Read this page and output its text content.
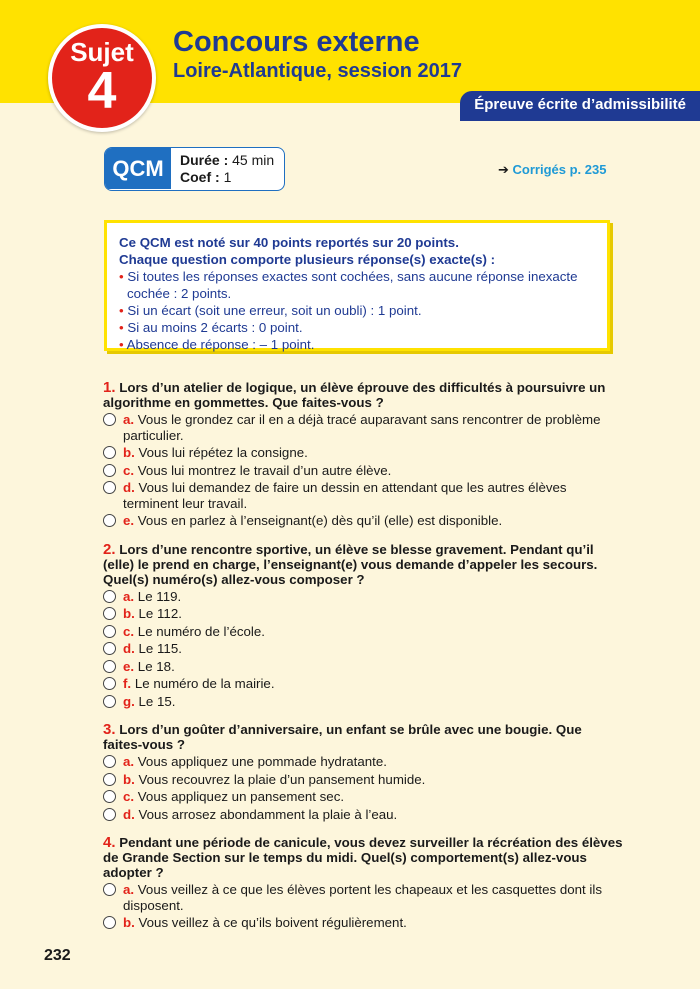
Sujet
4
Concours externe
Loire-Atlantique, session 2017
Épreuve écrite d’admissibilité
QCM	Durée : 45 min
Coef : 1	➔ Corrigés p. 235
Ce QCM est noté sur 40 points reportés sur 20 points.
Chaque question comporte plusieurs réponse(s) exacte(s) :
• Si toutes les réponses exactes sont cochées, sans aucune réponse inexacte cochée : 2 points.
• Si un écart (soit une erreur, soit un oubli) : 1 point.
• Si au moins 2 écarts : 0 point.
• Absence de réponse : – 1 point.
1. Lors d’un atelier de logique, un élève éprouve des difficultés à poursuivre un algorithme en gommettes. Que faites-vous ?
a. Vous le grondez car il en a déjà tracé auparavant sans rencontrer de problème particulier.
b. Vous lui répétez la consigne.
c. Vous lui montrez le travail d’un autre élève.
d. Vous lui demandez de faire un dessin en attendant que les autres élèves terminent leur travail.
e. Vous en parlez à l’enseignant(e) dès qu’il (elle) est disponible.
2. Lors d’une rencontre sportive, un élève se blesse gravement. Pendant qu’il (elle) le prend en charge, l’enseignant(e) vous demande d’appeler les secours. Quel(s) numéro(s) allez-vous composer ?
a. Le 119.
b. Le 112.
c. Le numéro de l’école.
d. Le 115.
e. Le 18.
f. Le numéro de la mairie.
g. Le 15.
3. Lors d’un goûter d’anniversaire, un enfant se brûle avec une bougie. Que faites-vous ?
a. Vous appliquez une pommade hydratante.
b. Vous recouvrez la plaie d’un pansement humide.
c. Vous appliquez un pansement sec.
d. Vous arrosez abondamment la plaie à l’eau.
4. Pendant une période de canicule, vous devez surveiller la récréation des élèves de Grande Section sur le temps du midi. Quel(s) comportement(s) allez-vous adopter ?
a. Vous veillez à ce que les élèves portent les chapeaux et les casquettes dont ils disposent.
b. Vous veillez à ce qu’ils boivent régulièrement.
232
